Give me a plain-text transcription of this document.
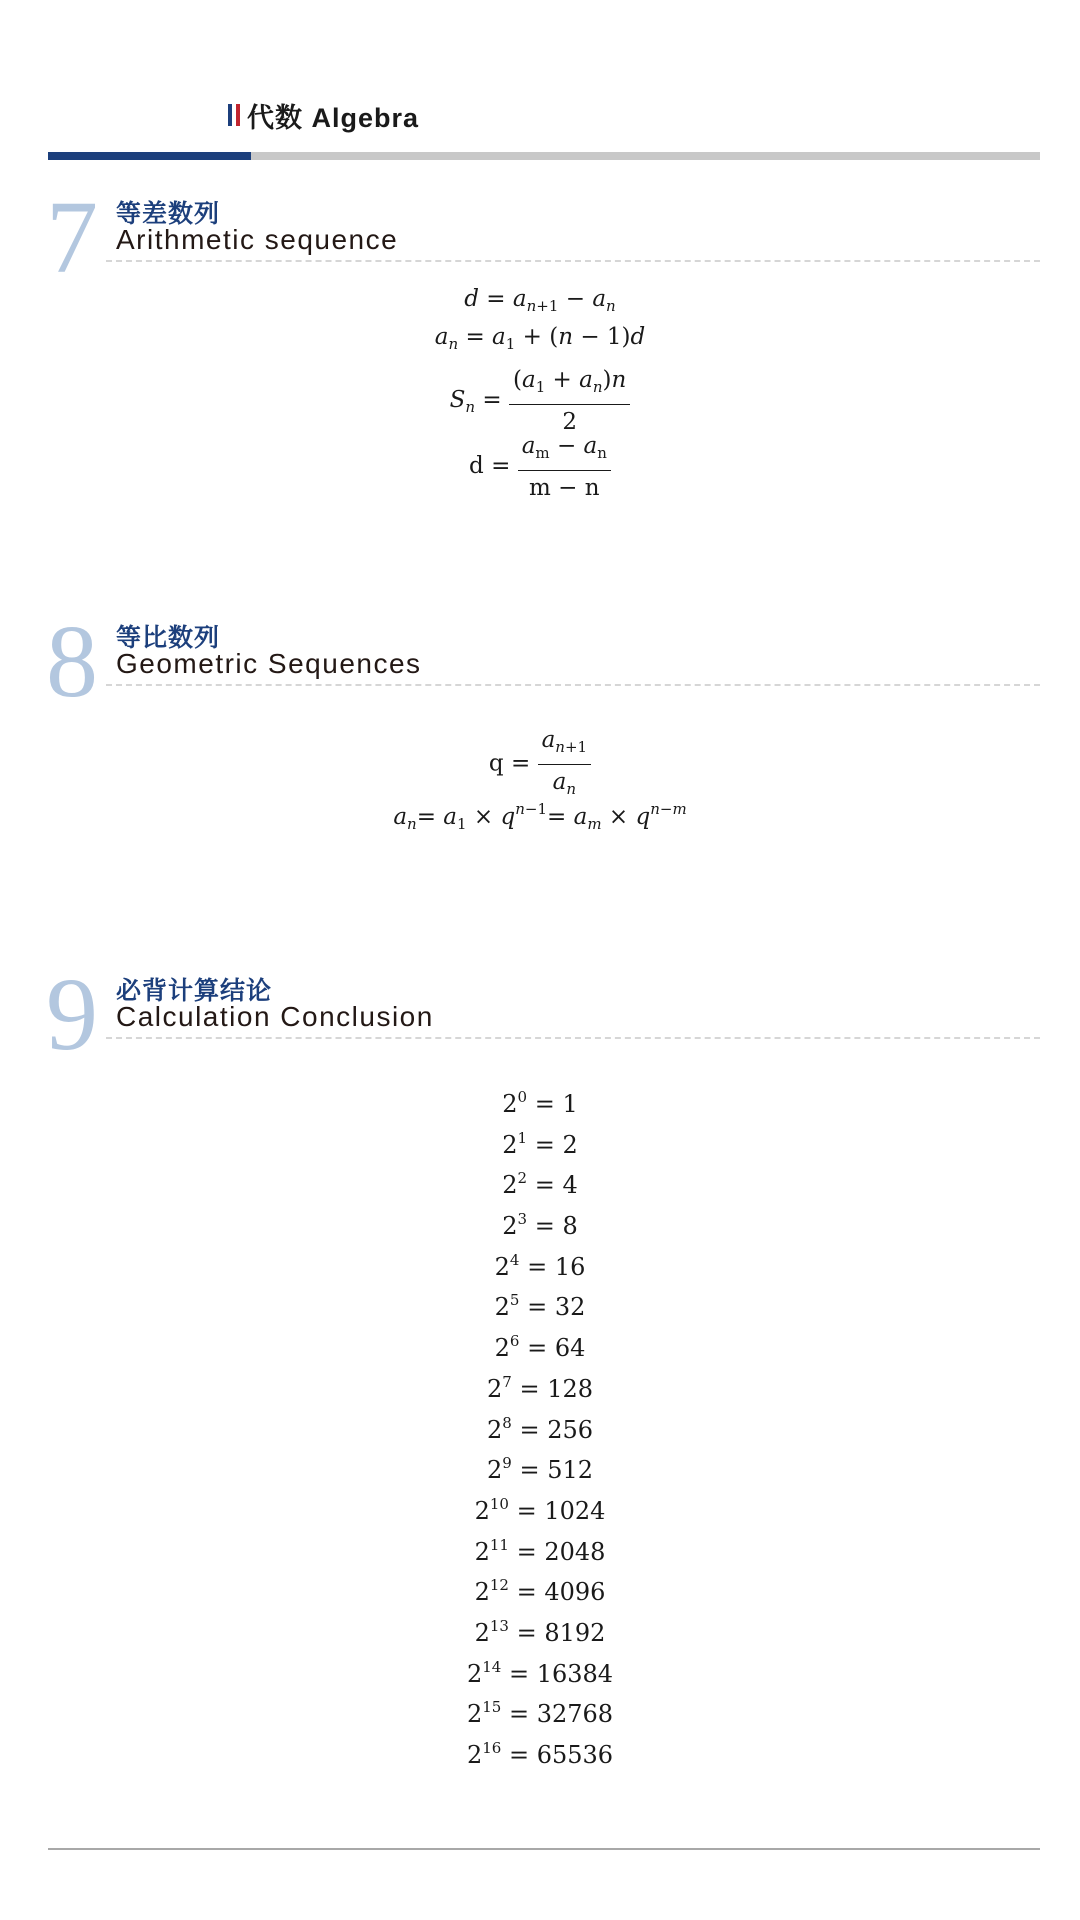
代数 Algebra
7 等差数列
Arithmetic sequence
$d = a_{n+1} - a_n$
$a_n = a_1 + (n - 1)d$
$S_n = \frac{(a_1 + a_n)n}{2}$
$d = \frac{a_m - a_n}{m - n}$
8 等比数列
Geometric Sequences
$q = \frac{a_{n+1}}{a_n}$
$a_n= a_1 \times q^{n-1}= a_m \times q^{n-m}$
9 必背计算结论
Calculation Conclusion
$2^0 = 1$
$2^1 = 2$
$2^2 = 4$
$2^3 = 8$
$2^4 = 16$
$2^5 = 32$
$2^6 = 64$
$2^7 = 128$
$2^8 = 256$
$2^9 = 512$
$2^{10} = 1024$
$2^{11} = 2048$
$2^{12} = 4096$
$2^{13} = 8192$
$2^{14} = 16384$
$2^{15} = 32768$
$2^{16} = 65536$
